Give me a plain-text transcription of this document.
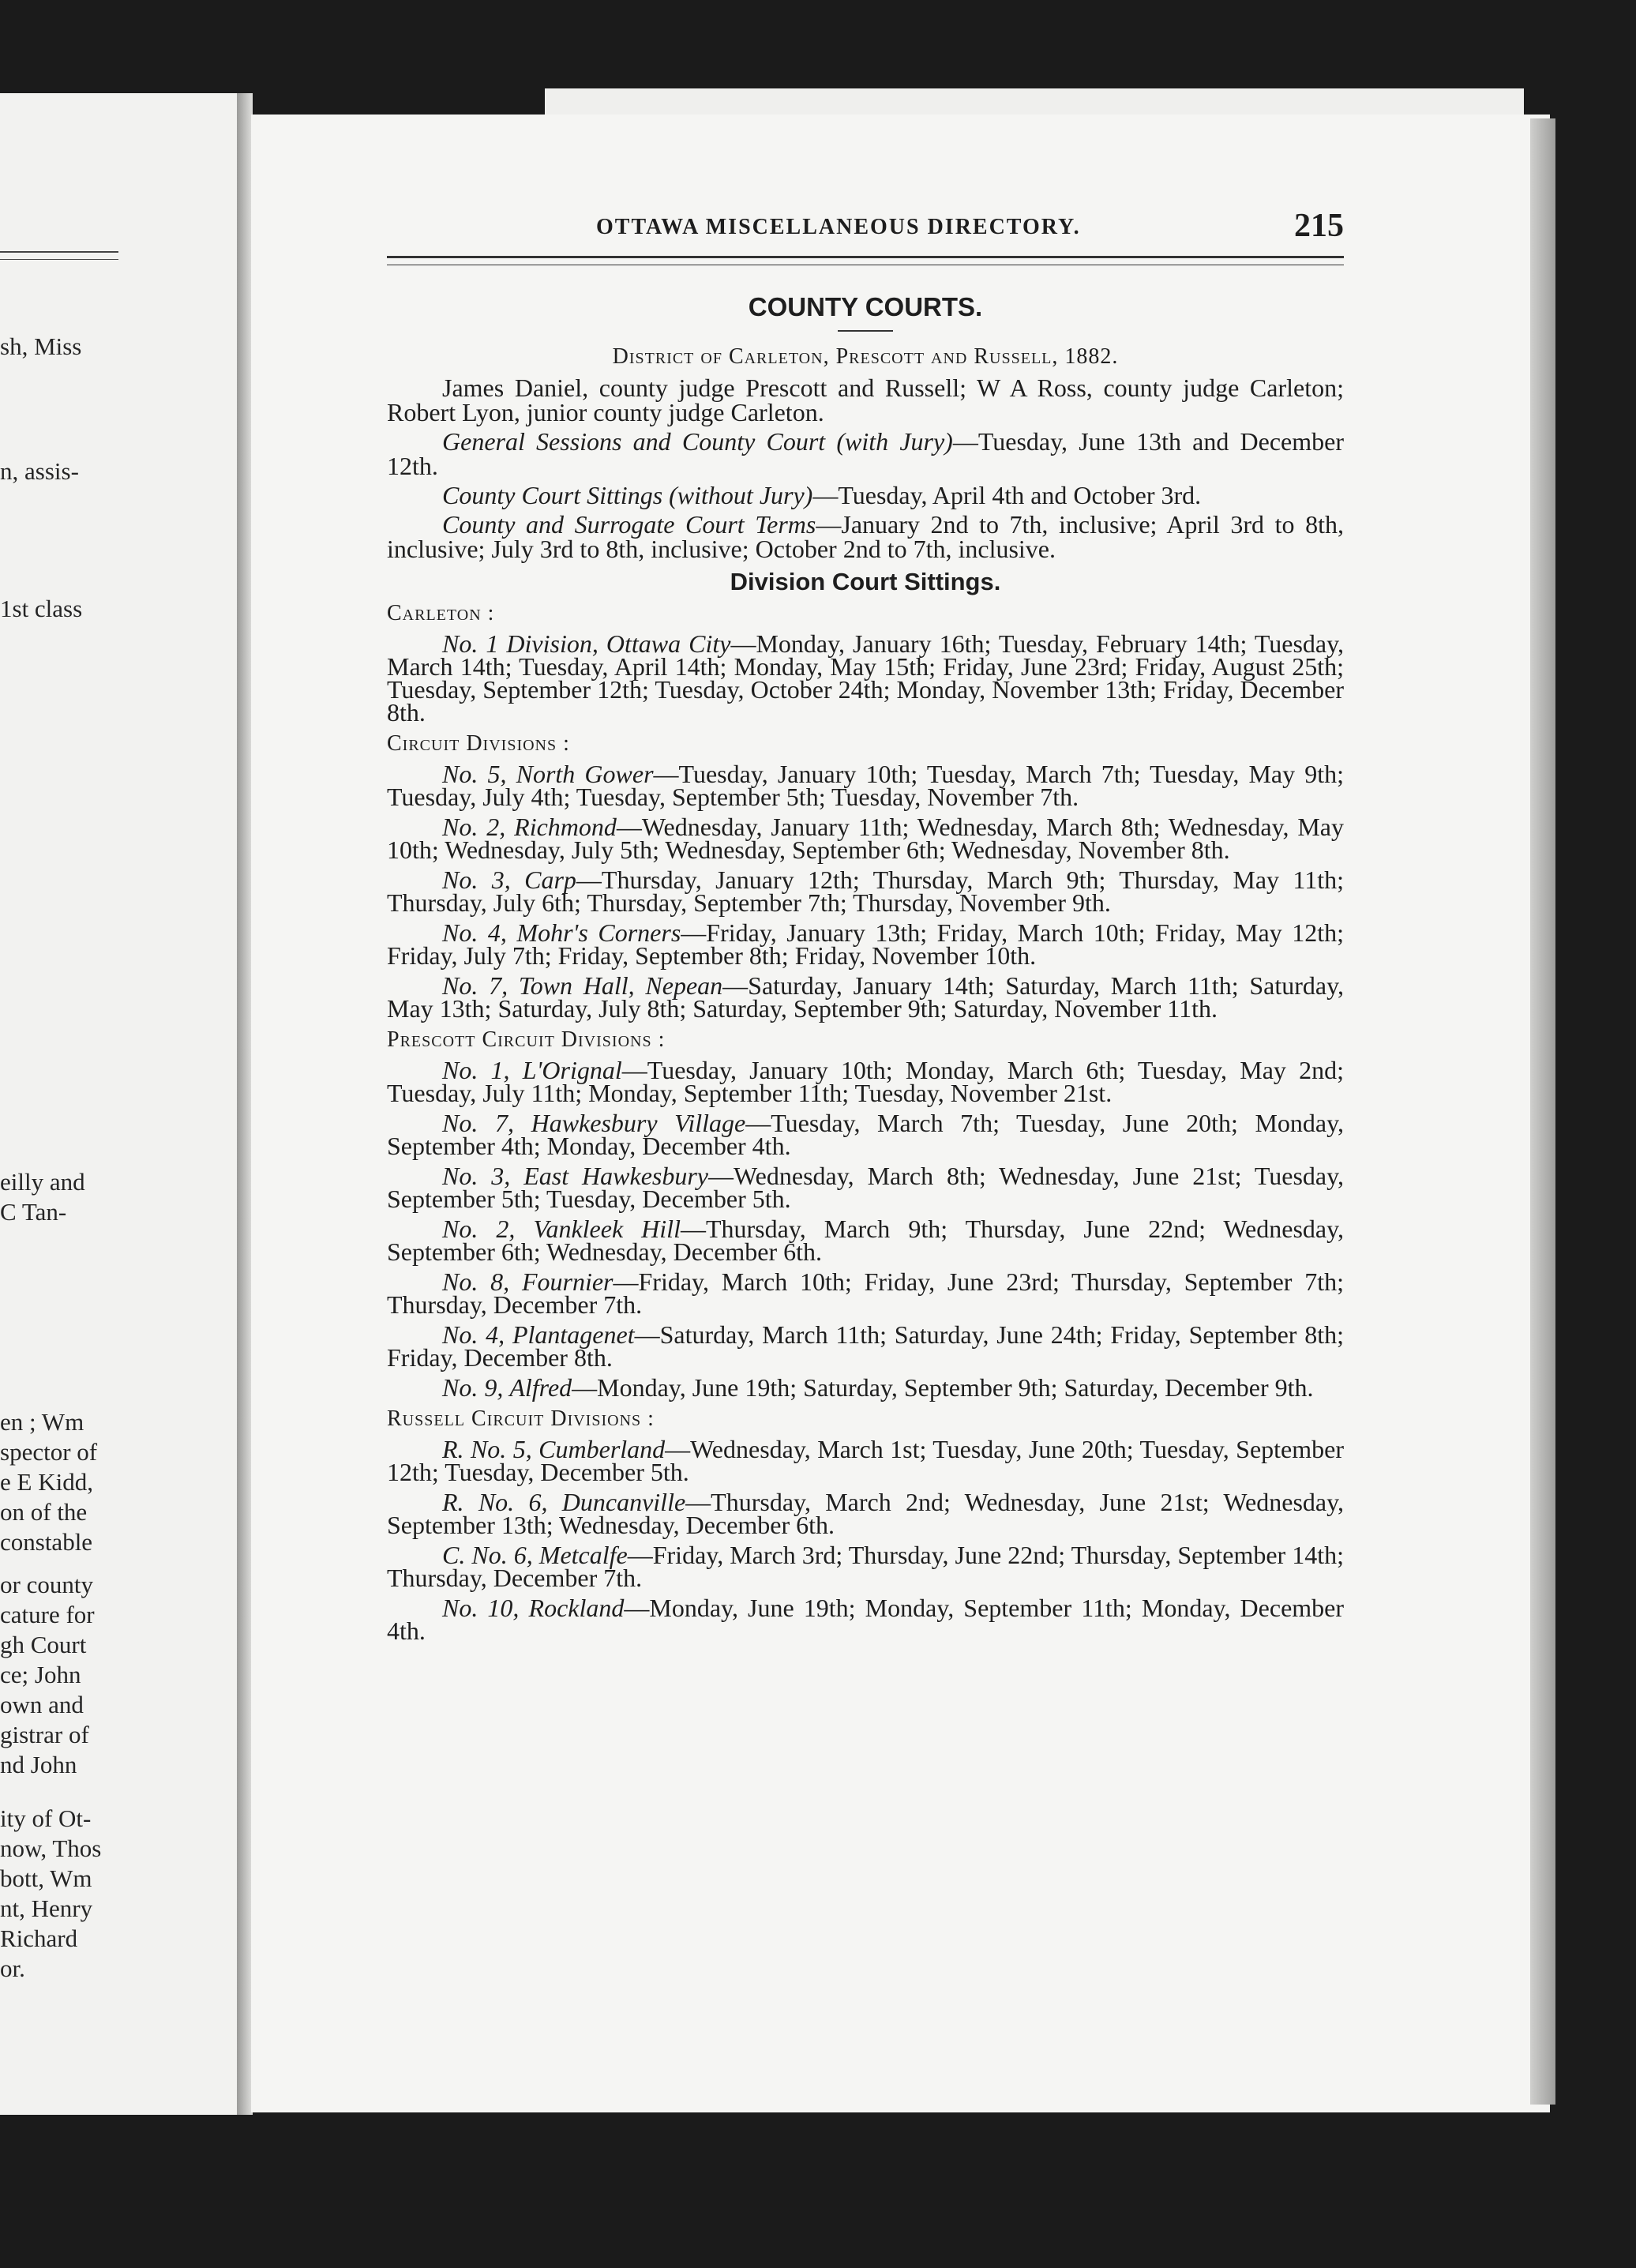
sh, Miss
n, assis-
1st class
eilly and
C Tan-
en ; Wm
spector of
e E Kidd,
on of the
constable
or county
cature for
gh Court
ce; John
own and
gistrar of
nd John
ity of Ot-
now, Thos
bott, Wm
nt, Henry
Richard
or.
OTTAWA MISCELLANEOUS DIRECTORY.	215
COUNTY COURTS.
District of Carleton, Prescott and Russell, 1882.

James Daniel, county judge Prescott and Russell; W A Ross, county judge Carleton; Robert Lyon, junior county judge Carleton.

General Sessions and County Court (with Jury)—Tuesday, June 13th and December 12th.

County Court Sittings (without Jury)—Tuesday, April 4th and October 3rd.

County and Surrogate Court Terms—January 2nd to 7th, inclusive; April 3rd to 8th, inclusive; July 3rd to 8th, inclusive; October 2nd to 7th, inclusive.

Division Court Sittings.
Carleton :

No. 1 Division, Ottawa City—Monday, January 16th; Tuesday, February 14th; Tuesday, March 14th; Tuesday, April 14th; Monday, May 15th; Friday, June 23rd; Friday, August 25th; Tuesday, September 12th; Tuesday, October 24th; Monday, November 13th; Friday, December 8th.

Circuit Divisions :

No. 5, North Gower—Tuesday, January 10th; Tuesday, March 7th; Tuesday, May 9th; Tuesday, July 4th; Tuesday, September 5th; Tuesday, November 7th.

No. 2, Richmond—Wednesday, January 11th; Wednesday, March 8th; Wednesday, May 10th; Wednesday, July 5th; Wednesday, September 6th; Wednesday, November 8th.

No. 3, Carp—Thursday, January 12th; Thursday, March 9th; Thursday, May 11th; Thursday, July 6th; Thursday, September 7th; Thursday, November 9th.

No. 4, Mohr's Corners—Friday, January 13th; Friday, March 10th; Friday, May 12th; Friday, July 7th; Friday, September 8th; Friday, November 10th.

No. 7, Town Hall, Nepean—Saturday, January 14th; Saturday, March 11th; Saturday, May 13th; Saturday, July 8th; Saturday, September 9th; Saturday, November 11th.

Prescott Circuit Divisions :

No. 1, L'Orignal—Tuesday, January 10th; Monday, March 6th; Tuesday, May 2nd; Tuesday, July 11th; Monday, September 11th; Tuesday, November 21st.

No. 7, Hawkesbury Village—Tuesday, March 7th; Tuesday, June 20th; Monday, September 4th; Monday, December 4th.

No. 3, East Hawkesbury—Wednesday, March 8th; Wednesday, June 21st; Tuesday, September 5th; Tuesday, December 5th.

No. 2, Vankleek Hill—Thursday, March 9th; Thursday, June 22nd; Wednesday, September 6th; Wednesday, December 6th.

No. 8, Fournier—Friday, March 10th; Friday, June 23rd; Thursday, September 7th; Thursday, December 7th.

No. 4, Plantagenet—Saturday, March 11th; Saturday, June 24th; Friday, September 8th; Friday, December 8th.

No. 9, Alfred—Monday, June 19th; Saturday, September 9th; Saturday, December 9th.

Russell Circuit Divisions :

R. No. 5, Cumberland—Wednesday, March 1st; Tuesday, June 20th; Tuesday, September 12th; Tuesday, December 5th.

R. No. 6, Duncanville—Thursday, March 2nd; Wednesday, June 21st; Wednesday, September 13th; Wednesday, December 6th.

C. No. 6, Metcalfe—Friday, March 3rd; Thursday, June 22nd; Thursday, September 14th; Thursday, December 7th.

No. 10, Rockland—Monday, June 19th; Monday, September 11th; Monday, December 4th.
